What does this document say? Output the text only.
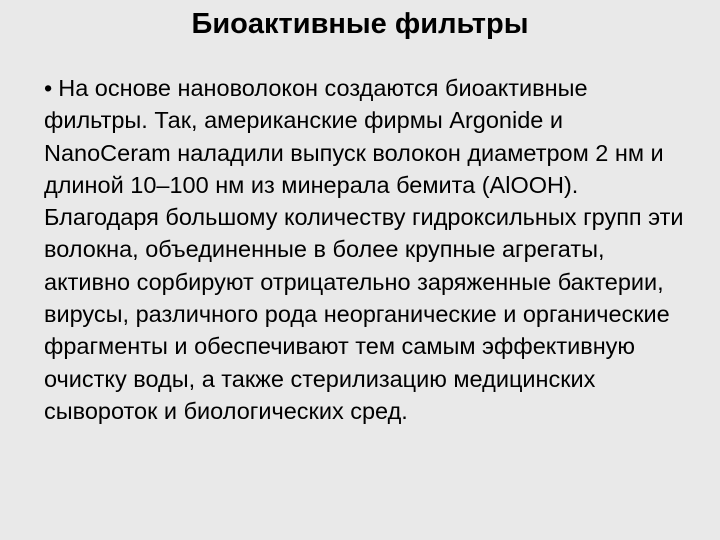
Биоактивные фильтры
• На основе нановолокон создаются биоактивные фильтры. Так, американские фирмы Argonide и NanoCeram наладили выпуск волокон диаметром 2 нм и длиной 10–100 нм из минерала бемита (AlOOH). Благодаря большому количеству гидроксильных групп эти волокна, объединенные в более крупные агрегаты, активно сорбируют отрицательно заряженные бактерии, вирусы, различного рода неорганические и органические фрагменты и обеспечивают тем самым эффективную очистку воды, а также стерилизацию медицинских сывороток и биологических сред.
